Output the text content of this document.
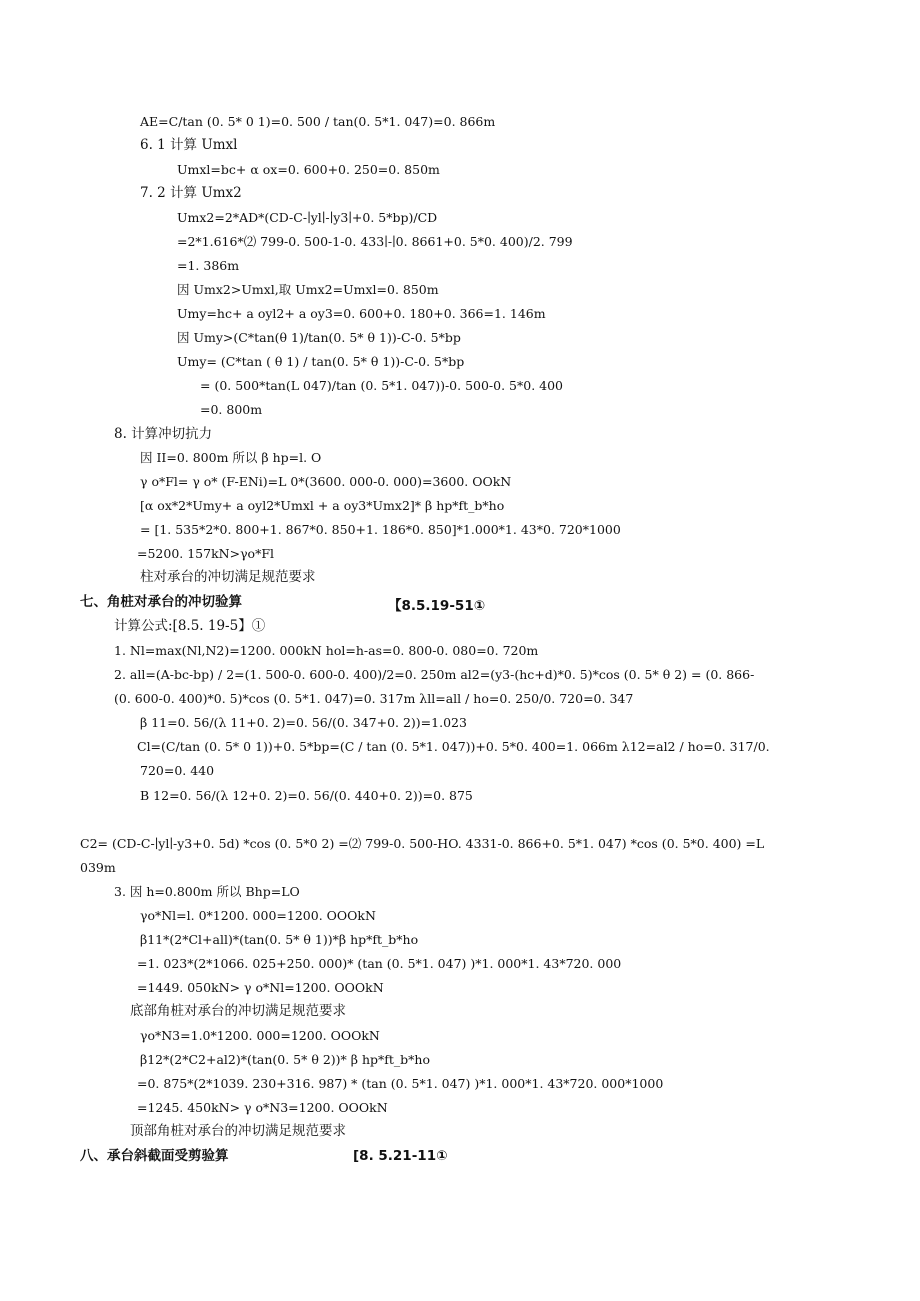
AE=C/tan (0. 5* 0 1)=0. 500 / tan(0. 5*1. 047)=0. 866m
6. 1 计算 Umxl
Umxl=bc+ α ox=0. 600+0. 250=0. 850m
7. 2 计算 Umx2
Umx2=2*AD*(CD-C-∣yl∣-∣y3∣+0. 5*bp)/CD
=2*1.616*⑵ 799-0. 500-1-0. 433∣-∣0. 8661+0. 5*0. 400)/2. 799
=1. 386m
因 Umx2>Umxl,取 Umx2=Umxl=0. 850m
Umy=hc+ a oyl2+ a oy3=0. 600+0. 180+0. 366=1. 146m
因 Umy>(C*tan(θ 1)/tan(0. 5* θ 1))-C-0. 5*bp
Umy= (C*tan ( θ 1) / tan(0. 5* θ 1))-C-0. 5*bp
= (0. 500*tan(L 047)/tan (0. 5*1. 047))-0. 500-0. 5*0. 400
=0. 800m
8. 计算冲切抗力
因 II=0. 800m 所以 β hp=l. O
γ o*Fl= γ o* (F-ENi)=L 0*(3600. 000-0. 000)=3600. OOkN
[α ox*2*Umy+ a oyl2*Umxl + a oy3*Umx2]* β hp*ft_b*ho
= [1. 535*2*0. 800+1. 867*0. 850+1. 186*0. 850]*1.000*1. 43*0. 720*1000
=5200. 157kN>γo*Fl
柱对承台的冲切满足规范要求
七、角桩对承台的冲切验算	【8.5.19-51①
计算公式:[8.5. 19-5】①
1. Nl=max(Nl,N2)=1200. 000kN hol=h-as=0. 800-0. 080=0. 720m
2. all=(A-bc-bp) / 2=(1. 500-0. 600-0. 400)/2=0. 250m al2=(y3-(hc+d)*0. 5)*cos (0. 5* θ 2) = (0. 866-
(0. 600-0. 400)*0. 5)*cos (0. 5*1. 047)=0. 317m λll=all / ho=0. 250/0. 720=0. 347
β 11=0. 56/(λ 11+0. 2)=0. 56/(0. 347+0. 2))=1.023
Cl=(C/tan (0. 5* 0 1))+0. 5*bp=(C / tan (0. 5*1. 047))+0. 5*0. 400=1. 066m λ12=al2 / ho=0. 317/0.
720=0. 440
B 12=0. 56/(λ 12+0. 2)=0. 56/(0. 440+0. 2))=0. 875
C2= (CD-C-∣yl∣-y3+0. 5d) *cos (0. 5*0 2) =⑵ 799-0. 500-HO. 4331-0. 866+0. 5*1. 047) *cos (0. 5*0. 400) =L
039m
3. 因 h=0.800m 所以 Bhp=LO
γo*Nl=l. 0*1200. 000=1200. OOOkN
β11*(2*Cl+all)*(tan(0. 5* θ 1))*β hp*ft_b*ho
=1. 023*(2*1066. 025+250. 000)* (tan (0. 5*1. 047) )*1. 000*1. 43*720. 000
=1449. 050kN> γ o*Nl=1200. OOOkN
底部角桩对承台的冲切满足规范要求
γo*N3=1.0*1200. 000=1200. OOOkN
β12*(2*C2+al2)*(tan(0. 5* θ 2))* β hp*ft_b*ho
=0. 875*(2*1039. 230+316. 987) * (tan (0. 5*1. 047) )*1. 000*1. 43*720. 000*1000
=1245. 450kN> γ o*N3=1200. OOOkN
顶部角桩对承台的冲切满足规范要求
八、承台斜截面受剪验算	[8. 5.21-11①
